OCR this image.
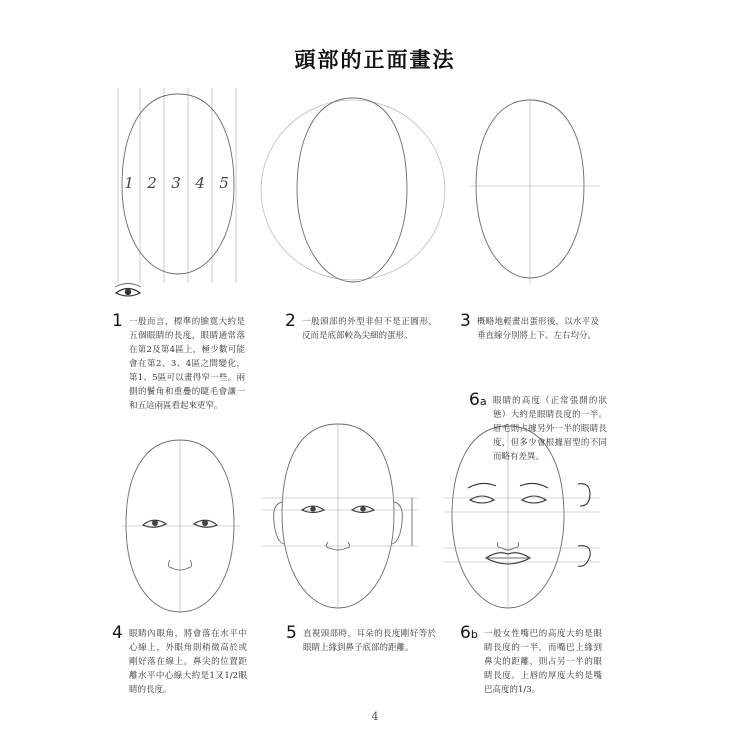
頭部的正面畫法
1 2 3 4 5
1 一般而言，標準的臉寬大約是五個眼睛的長度，眼睛通常落在第2及第4區上，極少數可能會在第2、3、4區之間變化，第1、5區可以畫得窄一些。兩側的鬢角和重疊的睫毛會讓一和五這兩區看起來更窄。
2 一般頭部的外型非但不是正圓形，反而是底部較為尖細的蛋形。
3 概略地輕畫出蛋形後，以水平及垂直線分別將上下、左右均分。
6a 眼睛的高度（正常張開的狀態）大約是眼睛長度的一半。眉毛則占據另外一半的眼睛長度，但多少會根據眉型的不同而略有差異。
4 眼睛內眼角，將會落在水平中心線上，外眼角則稍微高於或剛好落在線上。鼻尖的位置距離水平中心線大約是1又1/2眼睛的長度。
5 直視頭部時，耳朵的長度剛好等於眼睛上緣到鼻子底部的距離。
6b 一般女性嘴巴的高度大約是眼睛長度的一半，而嘴巴上緣到鼻尖的距離，則占另一半的眼睛長度。上唇的厚度大約是嘴巴高度的1/3。
4
